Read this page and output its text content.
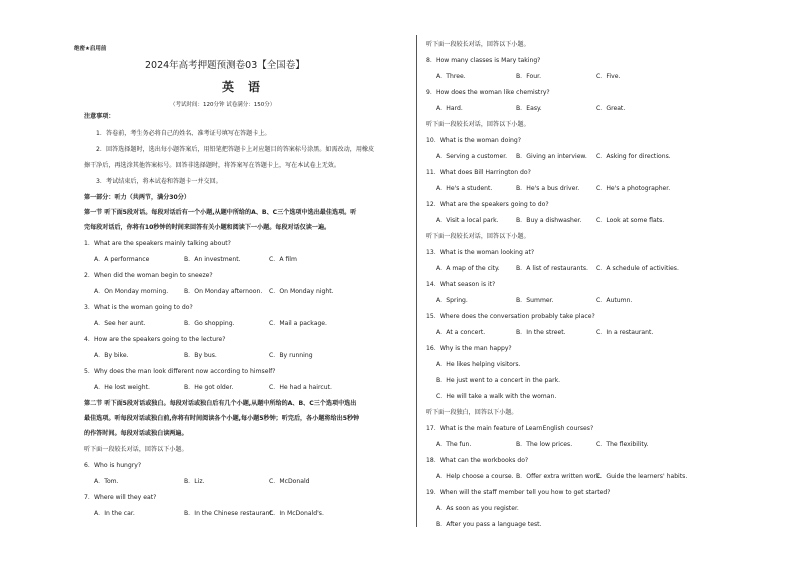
绝密★启用前
2024年高考押题预测卷03【全国卷】
英语
（考试时间：120分钟 试卷满分：150分）
注意事项：
1．答卷前，考生务必将自己的姓名、准考证号填写在答题卡上。
2．回答选择题时，选出每小题答案后，用铅笔把答题卡上对应题目的答案标号涂黑。如需改动，用橡皮
擦干净后，再选涂其他答案标号。回答非选择题时，将答案写在答题卡上，写在本试卷上无效。
3．考试结束后，将本试卷和答题卡一并交回。
第一部分：听力（共两节，满分30分）
第一节 听下面5段对话。每段对话后有一个小题,从题中所给的A、B、C三个选项中选出最佳选项。听
完每段对话后，你将有10秒钟的时间来回答有关小题和阅读下一小题。每段对话仅读一遍。
1．What are the speakers mainly talking about?
A．A performance	B．An investment.	C．A film
2．When did the woman begin to sneeze?
A．On Monday morning.	B．On Monday afternoon. C．On Monday night.
3．What is the woman going to do?
A．See her aunt.	B．Go shopping.	C．Mail a package.
4．How are the speakers going to the lecture?
A．By bike.	B．By bus.	C．By running
5．Why does the man look different now according to himself?
A．He lost weight.	B．He got older.	C．He had a haircut.
第二节 听下面5段对话或独白。每段对话或独白后有几个小题,从题中所给的A、B、C三个选项中选出
最佳选项。听每段对话或独白前,你将有时间阅读各个小题,每小题5秒钟；听完后，各小题将给出5秒钟
的作答时间。每段对话或独白读两遍。
听下面一段较长对话，回答以下小题。
6．Who is hungry?
A．Tom.	B．Liz.	C．McDonald
7．Where will they eat?
A．In the car.	B．In the Chinese restaurant.
C．In McDonald's.
听下面一段较长对话，回答以下小题。
8．How many classes is Mary taking?
A．Three.	B．Four.	C．Five.
9．How does the woman like chemistry?
A．Hard.	B．Easy.	C．Great.
听下面一段较长对话，回答以下小题。
10．What is the woman doing?
A．Serving a customer. B．Giving an interview. C．Asking for directions.
11．What does Bill Harrington do?
A．He's a student.	B．He's a bus driver.	C．He's a photographer.
12．What are the speakers going to do?
A．Visit a local park.	B．Buy a dishwasher. C．Look at some flats.
听下面一段较长对话，回答以下小题。
13．What is the woman looking at?
A．A map of the city.	B．A list of restaurants. C．A schedule of activities.
14．What season is it?
A．Spring.	B．Summer.	C．Autumn.
15．Where does the conversation probably take place?
A．At a concert.	B．In the street.	C．In a restaurant.
16．Why is the man happy?
A．He likes helping visitors.
B．He just went to a concert in the park.
C．He will take a walk with the woman.
听下面一段独白，回答以下小题。
17．What is the main feature of LearnEnglish courses?
A．The fun.	B．The low prices.	C．The flexibility.
18．What can the workbooks do?
A．Help choose a course. B．Offer extra written work.
C．Guide the learners' habits.
19．When will the staff member tell you how to get started?
A．As soon as you register.
B．After you pass a language test.
